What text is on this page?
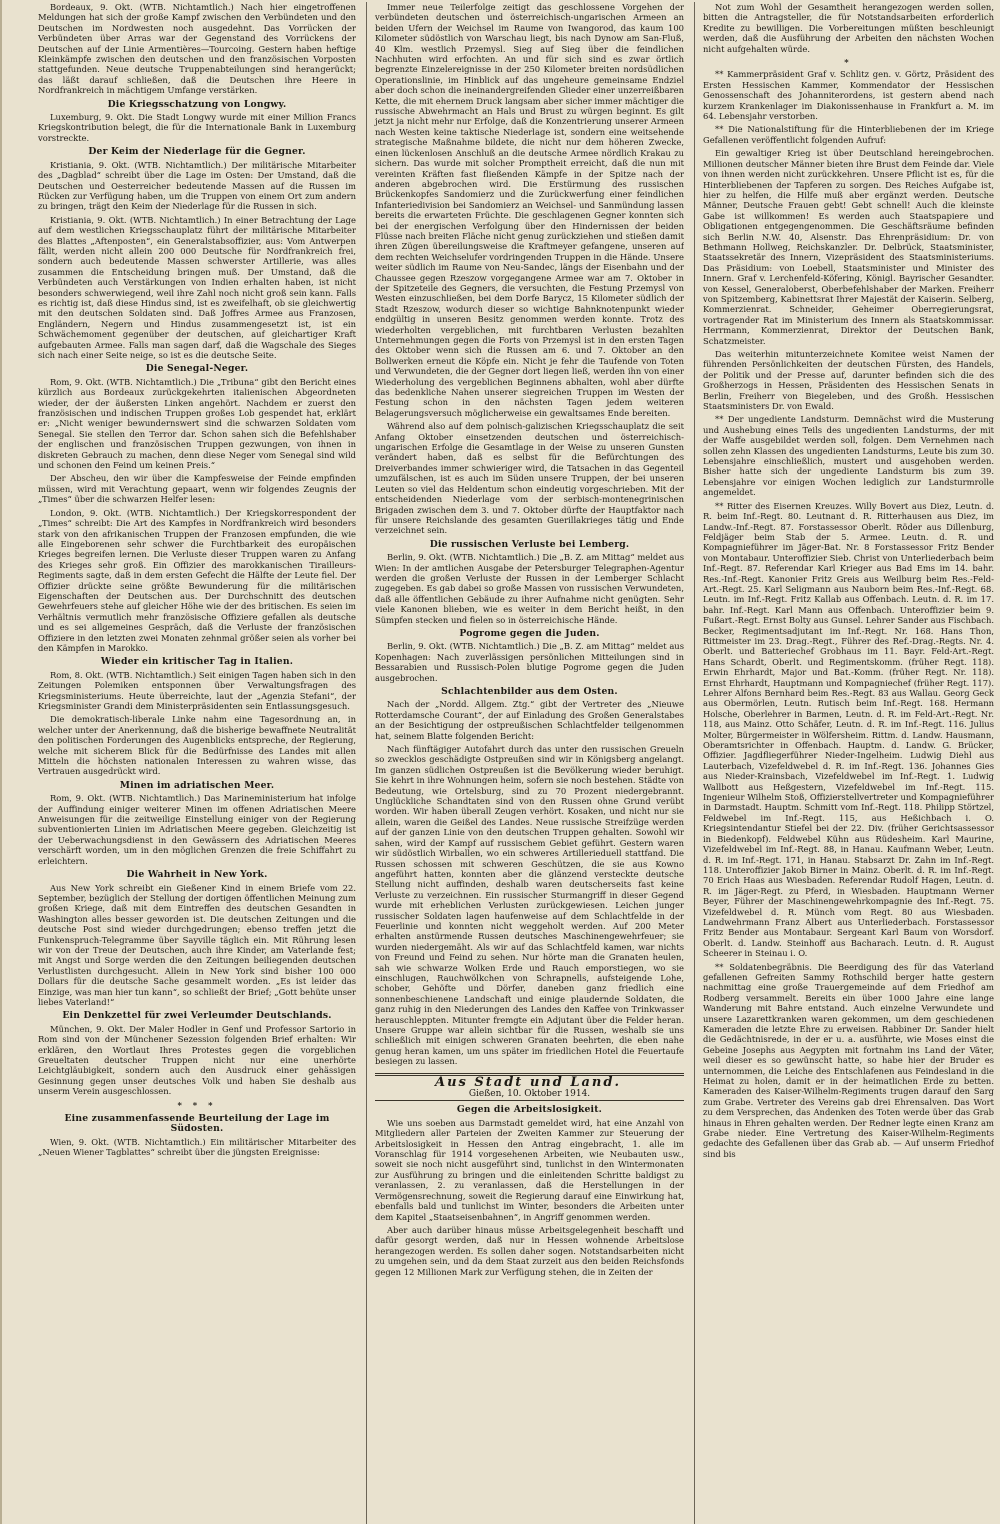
Bordeaux, 9. Okt. (WTB. Nichtamtlich.) Nach hier eingetroffenen Meldungen hat sich der große Kampf zwischen den Verbündeten und den Deutschen im Nordwesten noch ausgedehnt. Das Vorrücken der Verbündeten über Arras war der Gegenstand des Vorrückens der Deutschen auf der Linie Armentières—Tourcoing. Gestern haben heftige Kleinkämpfe zwischen den deutschen und den französischen Vorposten stattgefunden. Neue deutsche Truppenabteilungen sind herangerückt; das läßt darauf schließen, daß die Deutschen ihre Heere in Nordfrankreich in mächtigem Umfange verstärken.

Die Kriegsschatzung von Longwy.

Luxemburg, 9. Okt. Die Stadt Longwy wurde mit einer Million Francs Kriegskontribution belegt, die für die Internationale Bank in Luxemburg vorstreckte.

Der Keim der Niederlage für die Gegner.

Kristiania, 9. Okt. (WTB. Nichtamtlich.) Der militärische Mitarbeiter des „Dagblad“ schreibt über die Lage im Osten: Der Umstand, daß die Deutschen und Oesterreicher bedeutende Massen auf die Russen im Rücken zur Verfügung haben, um die Truppen von einem Ort zum andern zu bringen, trägt den Keim der Niederlage für die Russen in sich.

Kristiania, 9. Okt. (WTB. Nichtamtlich.) In einer Betrachtung der Lage auf dem westlichen Kriegsschauplatz führt der militärische Mitarbeiter des Blattes „Aftenposten“, ein Generalstabsoffizier, aus: Vom Antwerpen fällt, werden nicht allein 200 000 Deutsche für Nordfrankreich frei, sondern auch bedeutende Massen schwerster Artillerie, was alles zusammen die Entscheidung bringen muß. Der Umstand, daß die Verbündeten auch Verstärkungen von Indien erhalten haben, ist nicht besonders schwerwiegend, weil ihre Zahl noch nicht groß sein kann. Falls es richtig ist, daß diese Hindus sind, ist es zweifelhaft, ob sie gleichwertig mit den deutschen Soldaten sind. Daß Joffres Armee aus Franzosen, Engländern, Negern und Hindus zusammengesetzt ist, ist ein Schwächemoment gegenüber der deutschen, auf gleichartiger Kraft aufgebauten Armee. Falls man sagen darf, daß die Wagschale des Sieges sich nach einer Seite neige, so ist es die deutsche Seite.

Die Senegal-Neger.

Rom, 9. Okt. (WTB. Nichtamtlich.) Die „Tribuna“ gibt den Bericht eines kürzlich aus Bordeaux zurückgekehrten italienischen Abgeordneten wieder, der der äußersten Linken angehört. Nachdem er zuerst den französischen und indischen Truppen großes Lob gespendet hat, erklärt er: „Nicht weniger bewundernswert sind die schwarzen Soldaten vom Senegal. Sie stellen den Terror dar. Schon sahen sich die Befehlshaber der englischen und französischen Truppen gezwungen, von ihnen in diskreten Gebrauch zu machen, denn diese Neger vom Senegal sind wild und schonen den Feind um keinen Preis.“

Der Abscheu, den wir über die Kampfesweise der Feinde empfinden müssen, wird mit Verachtung gepaart, wenn wir folgendes Zeugnis der „Times“ über die schwarzen Helfer lesen:

London, 9. Okt. (WTB. Nichtamtlich.) Der Kriegskorrespondent der „Times“ schreibt: Die Art des Kampfes in Nordfrankreich wird besonders stark von den afrikanischen Truppen der Franzosen empfunden, die wie alle Eingeborenen sehr schwer die Furchtbarkeit des europäischen Krieges begreifen lernen. Die Verluste dieser Truppen waren zu Anfang des Krieges sehr groß. Ein Offizier des marokkanischen Tirailleurs-Regiments sagte, daß in dem ersten Gefecht die Hälfte der Leute fiel. Der Offizier drückte seine größte Bewunderung für die militärischen Eigenschaften der Deutschen aus. Der Durchschnitt des deutschen Gewehrfeuers stehe auf gleicher Höhe wie der des britischen. Es seien im Verhältnis vermutlich mehr französische Offiziere gefallen als deutsche und es sei allgemeines Gespräch, daß die Verluste der französischen Offiziere in den letzten zwei Monaten zehnmal größer seien als vorher bei den Kämpfen in Marokko.

Wieder ein kritischer Tag in Italien.

Rom, 8. Okt. (WTB. Nichtamtlich.) Seit einigen Tagen haben sich in den Zeitungen Polemiken entsponnen über Verwaltungsfragen des Kriegsministeriums. Heute überreichte, laut der „Agenzia Stefani“, der Kriegsminister Grandi dem Ministerpräsidenten sein Entlassungsgesuch.

Die demokratisch-liberale Linke nahm eine Tagesordnung an, in welcher unter der Anerkennung, daß die bisherige bewaffnete Neutralität den politischen Forderungen des Augenblicks entspreche, der Regierung, welche mit sicherem Blick für die Bedürfnisse des Landes mit allen Mitteln die höchsten nationalen Interessen zu wahren wisse, das Vertrauen ausgedrückt wird.

Minen im adriatischen Meer.

Rom, 9. Okt. (WTB. Nichtamtlich.) Das Marineministerium hat infolge der Auffindung einiger weiterer Minen im offenen Adriatischen Meere Anweisungen für die zeitweilige Einstellung einiger von der Regierung subventionierten Linien im Adriatischen Meere gegeben. Gleichzeitig ist der Ueberwachungsdienst in den Gewässern des Adriatischen Meeres verschärft worden, um in den möglichen Grenzen die freie Schiffahrt zu erleichtern.

Die Wahrheit in New York.

Aus New York schreibt ein Gießener Kind in einem Briefe vom 22. September, bezüglich der Stellung der dortigen öffentlichen Meinung zum großen Kriege, daß mit dem Eintreffen des deutschen Gesandten in Washington alles besser geworden ist. Die deutschen Zeitungen und die deutsche Post sind wieder durchgedrungen; ebenso treffen jetzt die Funkenspruch-Telegramme über Sayville täglich ein. Mit Rührung lesen wir von der Treue der Deutschen, auch ihre Kinder, am Vaterlande fest; mit Angst und Sorge werden die den Zeitungen beiliegenden deutschen Verlustlisten durchgesucht. Allein in New York sind bisher 100 000 Dollars für die deutsche Sache gesammelt worden. „Es ist leider das Einzige, was man hier tun kann“, so schließt der Brief; „Gott behüte unser liebes Vaterland!“

Ein Denkzettel für zwei Verleumder Deutschlands.

München, 9. Okt. Der Maler Hodler in Genf und Professor Sartorio in Rom sind von der Münchener Sezession folgenden Brief erhalten: Wir erklären, den Wortlaut Ihres Protestes gegen die vorgeblichen Greueltaten deutscher Truppen nicht nur eine unerhörte Leichtgläubigkeit, sondern auch den Ausdruck einer gehässigen Gesinnung gegen unser deutsches Volk und haben Sie deshalb aus unserm Verein ausgeschlossen.

* * *
Eine zusammenfassende Beurteilung der Lage im Südosten.

Wien, 9. Okt. (WTB. Nichtamtlich.) Ein militärischer Mitarbeiter des „Neuen Wiener Tagblattes“ schreibt über die jüngsten Ereignisse:

Immer neue Teilerfolge zeitigt das geschlossene Vorgehen der verbündeten deutschen und österreichisch-ungarischen Armeen an beiden Ufern der Weichsel im Raume von Iwangorod, das kaum 100 Kilometer südöstlich von Warschau liegt, bis nach Dynow am San-Fluß, 40 Klm. westlich Przemysl. Sieg auf Sieg über die feindlichen Nachhuten wird erfochten. An und für sich sind es zwar örtlich begrenzte Einzelereignisse in der 250 Kilometer breiten nordsüdlichen Operationslinie, im Hinblick auf das ungeheure gemeinsame Endziel aber doch schon die ineinandergreifenden Glieder einer unzerreißbaren Kette, die mit ehernem Druck langsam aber sicher immer mächtiger die russische Abwehrmacht an Hals und Brust zu würgen beginnt. Es gilt jetzt ja nicht mehr nur Erfolge, daß die Konzentrierung unserer Armeen nach Westen keine taktische Niederlage ist, sondern eine weitsehende strategische Maßnahme bildete, die nicht nur dem höheren Zwecke, einen lückenlosen Anschluß an die deutsche Armee nördlich Krakau zu sichern. Das wurde mit solcher Promptheit erreicht, daß die nun mit vereinten Kräften fast fließenden Kämpfe in der Spitze nach der anderen abgebrochen wird. Die Erstürmung des russischen Brückenkopfes Sandomierz und die Zurückwerfung einer feindlichen Infanteriedivision bei Sandomierz an Weichsel- und Sanmündung lassen bereits die erwarteten Früchte. Die geschlagenen Gegner konnten sich bei der energischen Verfolgung über den Hindernissen der beiden Flüsse nach breiten Fläche nicht genug zurückziehen und stießen damit ihren Zügen übereilungsweise die Kraftmeyer gefangene, unseren auf dem rechten Weichselufer vordringenden Truppen in die Hände. Unsere weiter südlich im Raume von Neu-Sandec, längs der Eisenbahn und der Chaussee gegen Rzeszow vorgegangene Armee war am 7. Oktober in der Spitzeteile des Gegners, die versuchten, die Festung Przemysl von Westen einzuschließen, bei dem Dorfe Barycz, 15 Kilometer südlich der Stadt Rzeszow, wodurch dieser so wichtige Bahnknotenpunkt wieder endgültig in unseren Besitz genommen werden konnte. Trotz des wiederholten vergeblichen, mit furchtbaren Verlusten bezahlten Unternehmungen gegen die Forts von Przemysl ist in den ersten Tagen des Oktober wenn sich die Russen am 6. und 7. Oktober an den Bollwerken erneut die Köpfe ein. Nicht je fehr die Taufende von Toten und Verwundeten, die der Gegner dort liegen ließ, werden ihn von einer Wiederholung des vergeblichen Beginnens abhalten, wohl aber dürfte das bedenkliche Nahen unserer siegreichen Truppen im Westen der Festung schon in den nächsten Tagen jedem weiteren Belagerungsversuch möglicherweise ein gewaltsames Ende bereiten.

Während also auf dem polnisch-galizischen Kriegsschauplatz die seit Anfang Oktober einsetzenden deutschen und österreichisch-ungarischen Erfolge die Gesamtlage in der Weise zu unseren Gunsten verändert haben, daß es selbst für die Befürchtungen des Dreiverbandes immer schwieriger wird, die Tatsachen in das Gegenteil umzufälschen, ist es auch im Süden unsere Truppen, der bei unseren Leuten so viel das Heldentum schon eindeutig vorgeschrieben. Mit der entscheidenden Niederlage vom der serbisch-montenegrinischen Brigaden zwischen dem 3. und 7. Oktober dürfte der Hauptfaktor nach für unsere Reichslande des gesamten Guerillakrieges tätig und Ende verzeichnet sein.

Die russischen Verluste bei Lemberg.

Berlin, 9. Okt. (WTB. Nichtamtlich.) Die „B. Z. am Mittag“ meldet aus Wien: In der amtlichen Ausgabe der Petersburger Telegraphen-Agentur werden die großen Verluste der Russen in der Lemberger Schlacht zugegeben. Es gab dabei so große Massen von russischen Verwundeten, daß alle öffentlichen Gebäude zu ihrer Aufnahme nicht genügten. Sehr viele Kanonen blieben, wie es weiter in dem Bericht heißt, in den Sümpfen stecken und fielen so in österreichische Hände.

Pogrome gegen die Juden.

Berlin, 9. Okt. (WTB. Nichtamtlich.) Die „B. Z. am Mittag“ meldet aus Kopenhagen: Nach zuverlässigen persönlichen Mitteilungen sind in Bessarabien und Russisch-Polen blutige Pogrome gegen die Juden ausgebrochen.

Schlachtenbilder aus dem Osten.

Nach der „Nordd. Allgem. Ztg.“ gibt der Vertreter des „Nieuwe Rotterdamsche Courant“, der auf Einladung des Großen Generalstabes an der Besichtigung der ostpreußischen Schlachtfelder teilgenommen hat, seinem Blatte folgenden Bericht:

Nach fünftägiger Autofahrt durch das unter den russischen Greueln so zwecklos geschädigte Ostpreußen sind wir in Königsberg angelangt. Im ganzen südlichen Ostpreußen ist die Bevölkerung wieder beruhigt. Sie kehrt in ihre Wohnungen heim, sofern sie noch bestehen. Städte von Bedeutung, wie Ortelsburg, sind zu 70 Prozent niedergebrannt. Unglückliche Schandtaten sind von den Russen ohne Grund verübt worden. Wir haben überall Zeugen verhört. Kosaken, und nicht nur sie allein, waren die Geißel des Landes. Neue russische Streifzüge werden auf der ganzen Linie von den deutschen Truppen gehalten. Sowohl wir sahen, wird der Kampf auf russischem Gebiet geführt. Gestern waren wir südöstlich Wirballen, wo ein schweres Artillerieduell stattfand. Die Russen schossen mit schweren Geschützen, die sie aus Kowno angeführt hatten, konnten aber die glänzend versteckte deutsche Stellung nicht auffinden, deshalb waren deutscherseits fast keine Verluste zu verzeichnen. Ein russischer Sturmangriff in dieser Gegend wurde mit erheblichen Verlusten zurückgewiesen. Leichen junger russischer Soldaten lagen haufenweise auf dem Schlachtfelde in der Feuerlinie und konnten nicht weggeholt werden. Auf 200 Meter erhalten anstürmende Russen deutsches Maschinengewehrfeuer; sie wurden niedergemäht. Als wir auf das Schlachtfeld kamen, war nichts von Freund und Feind zu sehen. Nur hörte man die Granaten heulen, sah wie schwarze Wolken Erde und Rauch emporstiegen, wo sie einschlugen, Rauchwölkchen von Schrapnells, aufsteigende Lohe, schober, Gehöfte und Dörfer, daneben ganz friedlich eine sonnenbeschienene Landschaft und einige plaudernde Soldaten, die ganz ruhig in den Niederungen des Landes den Kaffee von Trinkwasser herauschleppten. Mitunter fremgte ein Adjutant über die Felder heran. Unsere Gruppe war allein sichtbar für die Russen, weshalb sie uns schließlich mit einigen schweren Granaten beehrten, die eben nahe genug heran kamen, um uns später im friedlichen Hotel die Feuertaufe besiegen zu lassen.

Aus Stadt und Land.
Gießen, 10. Oktober 1914.
Gegen die Arbeitslosigkeit.

Wie uns soeben aus Darmstadt gemeldet wird, hat eine Anzahl von Mitgliedern aller Parteien der Zweiten Kammer zur Steuerung der Arbeitslosigkeit in Hessen den Antrag eingebracht, 1. alle im Voranschlag für 1914 vorgesehenen Arbeiten, wie Neubauten usw., soweit sie noch nicht ausgeführt sind, tunlichst in den Wintermonaten zur Ausführung zu bringen und die einleitenden Schritte baldigst zu veranlassen, 2. zu veranlassen, daß die Herstellungen in der Vermögensrechnung, soweit die Regierung darauf eine Einwirkung hat, ebenfalls bald und tunlichst im Winter, besonders die Arbeiten unter dem Kapitel „Staatseisenbahnen“, in Angriff genommen werden.

Aber auch darüber hinaus müsse Arbeitsgelegenheit beschafft und dafür gesorgt werden, daß nur in Hessen wohnende Arbeitslose herangezogen werden. Es sollen daher sogen. Notstandsarbeiten nicht zu umgehen sein, und da dem Staat zurzeit aus den beiden Reichsfonds gegen 12 Millionen Mark zur Verfügung stehen, die in Zeiten der

Not zum Wohl der Gesamtheit herangezogen werden sollen, bitten die Antragsteller, die für Notstandsarbeiten erforderlich Kredite zu bewilligen. Die Vorbereitungen müßten beschleunigt werden, daß die Ausführung der Arbeiten den nächsten Wochen nicht aufgehalten würde.

*

** Kammerpräsident Graf v. Schlitz gen. v. Görtz, Präsident des Ersten Hessischen Kammer, Kommendator der Hessischen Genossenschaft des Johanniterordens, ist gestern abend nach kurzem Krankenlager im Diakonissenhause in Frankfurt a. M. im 64. Lebensjahr verstorben.

** Die Nationalstiftung für die Hinterbliebenen der im Kriege Gefallenen veröffentlicht folgenden Aufruf:

Ein gewaltiger Krieg ist über Deutschland hereingebrochen. Millionen deutscher Männer bieten ihre Brust dem Feinde dar. Viele von ihnen werden nicht zurückkehren. Unsere Pflicht ist es, für die Hinterbliebenen der Tapferen zu sorgen. Des Reiches Aufgabe ist, hier zu helfen, die Hilfe muß aber ergänzt werden. Deutsche Männer, Deutsche Frauen gebt! Gebt schnell! Auch die kleinste Gabe ist willkommen! Es werden auch Staatspapiere und Obligationen entgegengenommen. Die Geschäftsräume befinden sich Berlin N.W. 40, Alsenstr. Das Ehrenpräsidium: Dr. von Bethmann Hollweg, Reichskanzler. Dr. Delbrück, Staatsminister, Staatssekretär des Innern, Vizepräsident des Staatsministeriums. Das Präsidium: von Loebell, Staatsminister und Minister des Innern. Graf v. Lerchenfeld-Köfering, Königl. Bayrischer Gesandter. von Kessel, Generaloberst, Oberbefehlshaber der Marken. Freiherr von Spitzemberg, Kabinettsrat Ihrer Majestät der Kaiserin. Selberg, Kommerzienrat. Schneider, Geheimer Oberregierungsrat, vortragender Rat im Ministerium des Innern als Staatskommissar. Herrmann, Kommerzienrat, Direktor der Deutschen Bank, Schatzmeister.

Das weiterhin mitunterzeichnete Komitee weist Namen der führenden Persönlichkeiten der deutschen Fürsten, des Handels, der Politik und der Presse auf, darunter befinden sich die des Großherzogs in Hessen, Präsidenten des Hessischen Senats in Berlin, Freiherr von Biegeleben, und des Großh. Hessischen Staatsministers Dr. von Ewald.

** Der ungediente Landsturm. Demnächst wird die Musterung und Aushebung eines Teils des ungedienten Landsturms, der mit der Waffe ausgebildet werden soll, folgen. Dem Vernehmen nach sollen zehn Klassen des ungedienten Landsturms, Leute bis zum 30. Lebensjahre einschließlich, mustert und ausgehoben werden. Bisher hatte sich der ungediente Landsturm bis zum 39. Lebensjahre vor einigen Wochen lediglich zur Landsturmrolle angemeldet.

** Ritter des Eisernen Kreuzes. Willy Bovert aus Diez, Leutn. d. R. beim Inf.-Regt. 80. Leutnant d. R. Ritterhausen aus Diez, im Landw.-Inf.-Regt. 87. Forstassessor Oberlt. Röder aus Dillenburg, Feldjäger beim Stab der 5. Armee. Leutn. d. R. und Kompagnieführer im Jäger-Bat. Nr. 8 Forstassessor Fritz Bender von Montabaur. Unteroffizier Sieb. Christ von Unterliederbach beim Inf.-Regt. 87. Referendar Karl Krieger aus Bad Ems im 14. bahr. Res.-Inf.-Regt. Kanonier Fritz Greis aus Weilburg beim Res.-Feld-Art.-Regt. 25. Karl Seligmann aus Nauborn beim Res.-Inf.-Regt. 68. Leutn. im Inf.-Regt. Fritz Kallab aus Offenbach. Leutn. d. R. im 17. bahr. Inf.-Regt. Karl Mann aus Offenbach. Unteroffizier beim 9. Fußart.-Regt. Ernst Bolty aus Gunsel. Lehrer Sander aus Fischbach. Becker, Regimentsadjutant im Inf.-Regt. Nr. 168. Hans Thon, Rittmeister im 23. Drag.-Regt., Führer des Ref.-Drag.-Regts. Nr. 4. Oberlt. und Batteriechef Grobhaus im 11. Bayr. Feld-Art.-Regt. Hans Schardt, Oberlt. und Regimentskomm. (früher Regt. 118). Erwin Ehrhardt, Major und Bat.-Komm. (früher Regt. Nr. 118). Ernst Ehrhardt, Hauptmann und Kompagniechef (früher Regt. 117). Lehrer Alfons Bernhard beim Res.-Regt. 83 aus Wallau. Georg Geck aus Obermörlen, Leutn. Rutisch beim Inf.-Regt. 168. Hermann Holsche, Oberlehrer in Barmen, Leutn. d. R. im Feld-Art.-Regt. Nr. 118, aus Mainz. Otto Schäfer, Leutn. d. R. im Inf.-Regt. 116. Julius Molter, Bürgermeister in Wölfersheim. Rittm. d. Landw. Hausmann, Oberamtsrichter in Offenbach. Hauptm. d. Landw. G. Brücker, Offizier. Jagdfliegerführer Nieder-Ingelheim. Ludwig Diehl aus Lauterbach, Vizefeldwebel d. R. im Inf.-Regt. 136. Johannes Gies aus Nieder-Krainsbach, Vizefeldwebel im Inf.-Regt. 1. Ludwig Wallbott aus Heßgestern, Vizefeldwebel im Inf.-Regt. 115. Ingenieur Wilhelm Stoß, Offizierstellvertreter und Kompagnieführer in Darmstadt. Hauptm. Schmitt vom Inf.-Regt. 118. Philipp Störtzel, Feldwebel im Inf.-Regt. 115, aus Heßichbach i. O. Kriegsintendantur Stiefel bei der 22. Div. (früher Gerichtsassessor in Biedenkopf). Feldwebel Kühn aus Rüdesheim. Karl Maurine, Vizefeldwebel im Inf.-Regt. 88, in Hanau. Kaufmann Weber, Leutn. d. R. im Inf.-Regt. 171, in Hanau. Stabsarzt Dr. Zahn im Inf.-Regt. 118. Unteroffizier Jakob Birner in Mainz. Oberlt. d. R. im Inf.-Regt. 70 Erich Haas aus Wiesbaden. Referendar Rudolf Hagen, Leutn. d. R. im Jäger-Regt. zu Pferd, in Wiesbaden. Hauptmann Werner Beyer, Führer der Maschinengewehrkompagnie des Inf.-Regt. 75. Vizefeldwebel d. R. Münch vom Regt. 80 aus Wiesbaden. Landwehrmann Franz Albert aus Unterliederbach. Forstassessor Fritz Bender aus Montabaur. Sergeant Karl Baum von Worsdorf. Oberlt. d. Landw. Steinhoff aus Bacharach. Leutn. d. R. August Scheerer in Steinau i. O.

** Soldatenbegräbnis. Die Beerdigung des für das Vaterland gefallenen Gefreiten Sammy Rothschild berger hatte gestern nachmittag eine große Trauergemeinde auf dem Friedhof am Rodberg versammelt. Bereits ein über 1000 Jahre eine lange Wanderung mit Bahre entstand. Auch einzelne Verwundete und unsere Lazarettkranken waren gekommen, um dem geschiedenen Kameraden die letzte Ehre zu erweisen. Rabbiner Dr. Sander hielt die Gedächtnisrede, in der er u. a. ausführte, wie Moses einst die Gebeine Josephs aus Aegypten mit fortnahm ins Land der Väter, weil dieser es so gewünscht hatte, so habe hier der Bruder es unternommen, die Leiche des Entschlafenen aus Feindesland in die Heimat zu holen, damit er in der heimatlichen Erde zu betten. Kameraden des Kaiser-Wilhelm-Regiments trugen darauf den Sarg zum Grabe. Vertreter des Vereins gab drei Ehrensalven. Das Wort zu dem Versprechen, das Andenken des Toten werde über das Grab hinaus in Ehren gehalten werden. Der Redner legte einen Kranz am Grabe nieder. Eine Vertretung des Kaiser-Wilhelm-Regiments gedachte des Gefallenen über das Grab ab. — Auf unserm Friedhof sind bis
